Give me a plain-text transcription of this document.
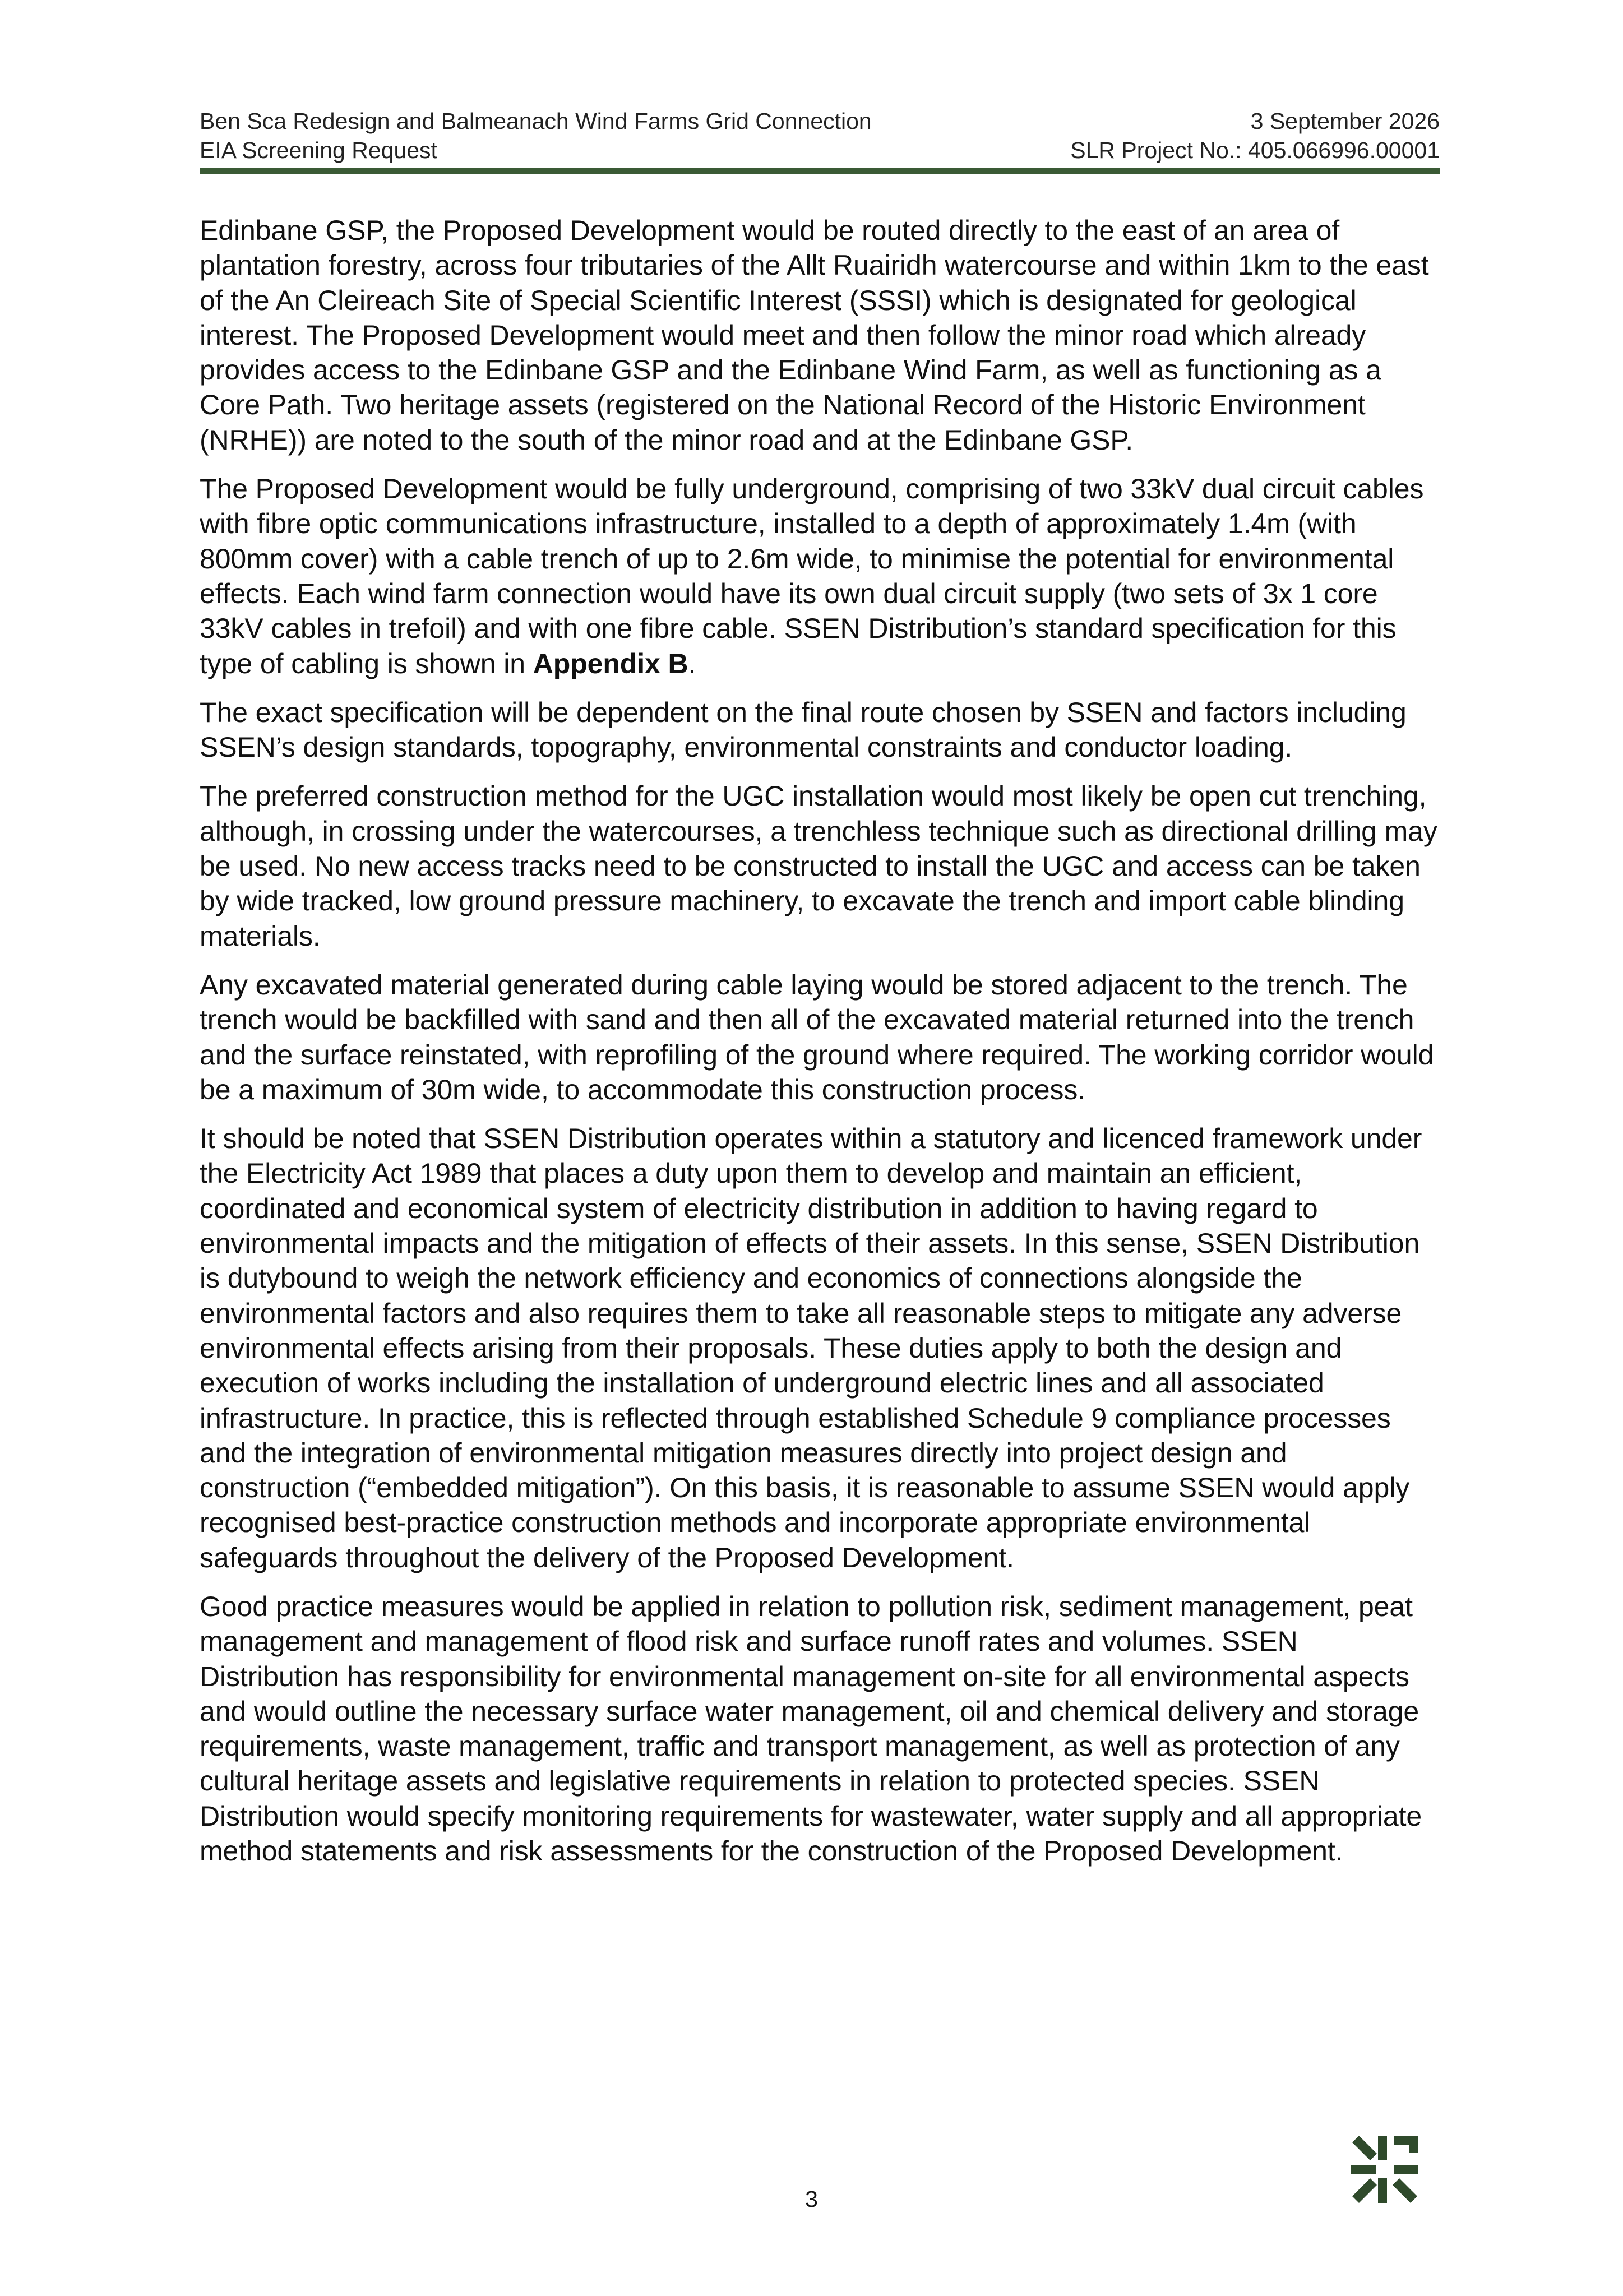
Ben Sca Redesign and Balmeanach Wind Farms Grid Connection	3 September 2026
EIA Screening Request	SLR Project No.: 405.066996.00001

Edinbane GSP, the Proposed Development would be routed directly to the east of an area of plantation forestry, across four tributaries of the Allt Ruairidh watercourse and within 1km to the east of the An Cleireach Site of Special Scientific Interest (SSSI) which is designated for geological interest. The Proposed Development would meet and then follow the minor road which already provides access to the Edinbane GSP and the Edinbane Wind Farm, as well as functioning as a Core Path. Two heritage assets (registered on the National Record of the Historic Environment (NRHE)) are noted to the south of the minor road and at the Edinbane GSP.

The Proposed Development would be fully underground, comprising of two 33kV dual circuit cables with fibre optic communications infrastructure, installed to a depth of approximately 1.4m (with 800mm cover) with a cable trench of up to 2.6m wide, to minimise the potential for environmental effects. Each wind farm connection would have its own dual circuit supply (two sets of 3x 1 core 33kV cables in trefoil) and with one fibre cable. SSEN Distribution’s standard specification for this type of cabling is shown in Appendix B.

The exact specification will be dependent on the final route chosen by SSEN and factors including SSEN’s design standards, topography, environmental constraints and conductor loading.

The preferred construction method for the UGC installation would most likely be open cut trenching, although, in crossing under the watercourses, a trenchless technique such as directional drilling may be used. No new access tracks need to be constructed to install the UGC and access can be taken by wide tracked, low ground pressure machinery, to excavate the trench and import cable blinding materials.

Any excavated material generated during cable laying would be stored adjacent to the trench. The trench would be backfilled with sand and then all of the excavated material returned into the trench and the surface reinstated, with reprofiling of the ground where required. The working corridor would be a maximum of 30m wide, to accommodate this construction process.

It should be noted that SSEN Distribution operates within a statutory and licenced framework under the Electricity Act 1989 that places a duty upon them to develop and maintain an efficient, coordinated and economical system of electricity distribution in addition to having regard to environmental impacts and the mitigation of effects of their assets. In this sense, SSEN Distribution is dutybound to weigh the network efficiency and economics of connections alongside the environmental factors and also requires them to take all reasonable steps to mitigate any adverse environmental effects arising from their proposals. These duties apply to both the design and execution of works including the installation of underground electric lines and all associated infrastructure. In practice, this is reflected through established Schedule 9 compliance processes and the integration of environmental mitigation measures directly into project design and construction (“embedded mitigation”). On this basis, it is reasonable to assume SSEN would apply recognised best-practice construction methods and incorporate appropriate environmental safeguards throughout the delivery of the Proposed Development.

Good practice measures would be applied in relation to pollution risk, sediment management, peat management and management of flood risk and surface runoff rates and volumes. SSEN Distribution has responsibility for environmental management on-site for all environmental aspects and would outline the necessary surface water management, oil and chemical delivery and storage requirements, waste management, traffic and transport management, as well as protection of any cultural heritage assets and legislative requirements in relation to protected species. SSEN Distribution would specify monitoring requirements for wastewater, water supply and all appropriate method statements and risk assessments for the construction of the Proposed Development.

3
